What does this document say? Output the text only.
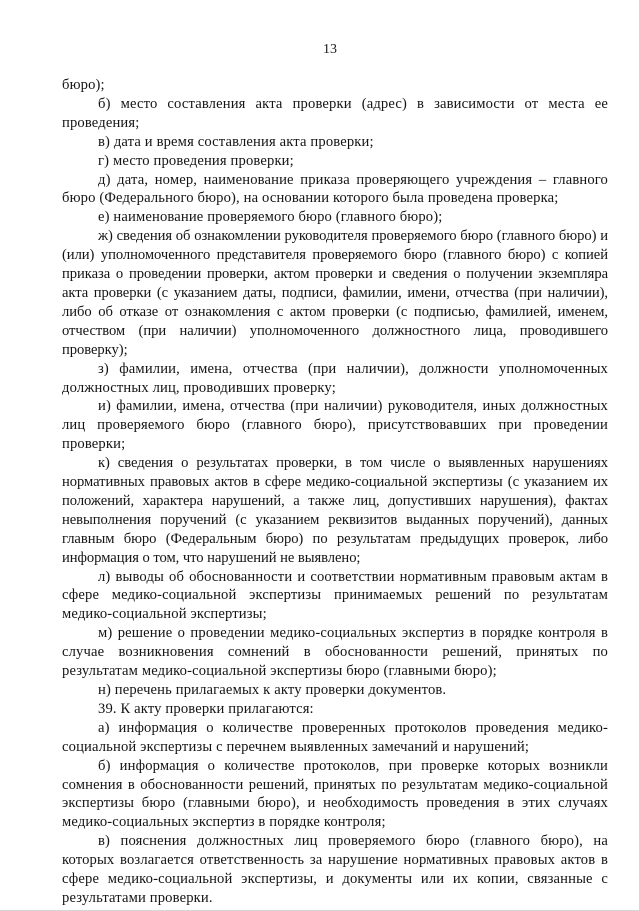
13

бюро);

б) место составления акта проверки (адрес) в зависимости от места ее проведения;

в) дата и время составления акта проверки;

г) место проведения проверки;

д) дата, номер, наименование приказа проверяющего учреждения – главного бюро (Федерального бюро), на основании которого была проведена проверка;

е) наименование проверяемого бюро (главного бюро);

ж) сведения об ознакомлении руководителя проверяемого бюро (главного бюро) и (или) уполномоченного представителя проверяемого бюро (главного бюро) с копией приказа о проведении проверки, актом проверки и сведения о получении экземпляра акта проверки (с указанием даты, подписи, фамилии, имени, отчества (при наличии), либо об отказе от ознакомления с актом проверки (с подписью, фамилией, именем, отчеством (при наличии) уполномоченного должностного лица, проводившего проверку);

з) фамилии, имена, отчества (при наличии), должности уполномоченных должностных лиц, проводивших проверку;

и) фамилии, имена, отчества (при наличии) руководителя, иных должностных лиц проверяемого бюро (главного бюро), присутствовавших при проведении проверки;

к) сведения о результатах проверки, в том числе о выявленных нарушениях нормативных правовых актов в сфере медико-социальной экспертизы (с указанием их положений, характера нарушений, а также лиц, допустивших нарушения), фактах невыполнения поручений (с указанием реквизитов выданных поручений), данных главным бюро (Федеральным бюро) по результатам предыдущих проверок, либо информация о том, что нарушений не выявлено;

л) выводы об обоснованности и соответствии нормативным правовым актам в сфере медико-социальной экспертизы принимаемых решений по результатам медико-социальной экспертизы;

м) решение о проведении медико-социальных экспертиз в порядке контроля в случае возникновения сомнений в обоснованности решений, принятых по результатам медико-социальной экспертизы бюро (главными бюро);

н) перечень прилагаемых к акту проверки документов.

39. К акту проверки прилагаются:

а) информация о количестве проверенных протоколов проведения медико-социальной экспертизы с перечнем выявленных замечаний и нарушений;

б) информация о количестве протоколов, при проверке которых возникли сомнения в обоснованности решений, принятых по результатам медико-социальной экспертизы бюро (главными бюро), и необходимость проведения в этих случаях медико-социальных экспертиз в порядке контроля;

в) пояснения должностных лиц проверяемого бюро (главного бюро), на которых возлагается ответственность за нарушение нормативных правовых актов в сфере медико-социальной экспертизы, и документы или их копии, связанные с результатами проверки.
